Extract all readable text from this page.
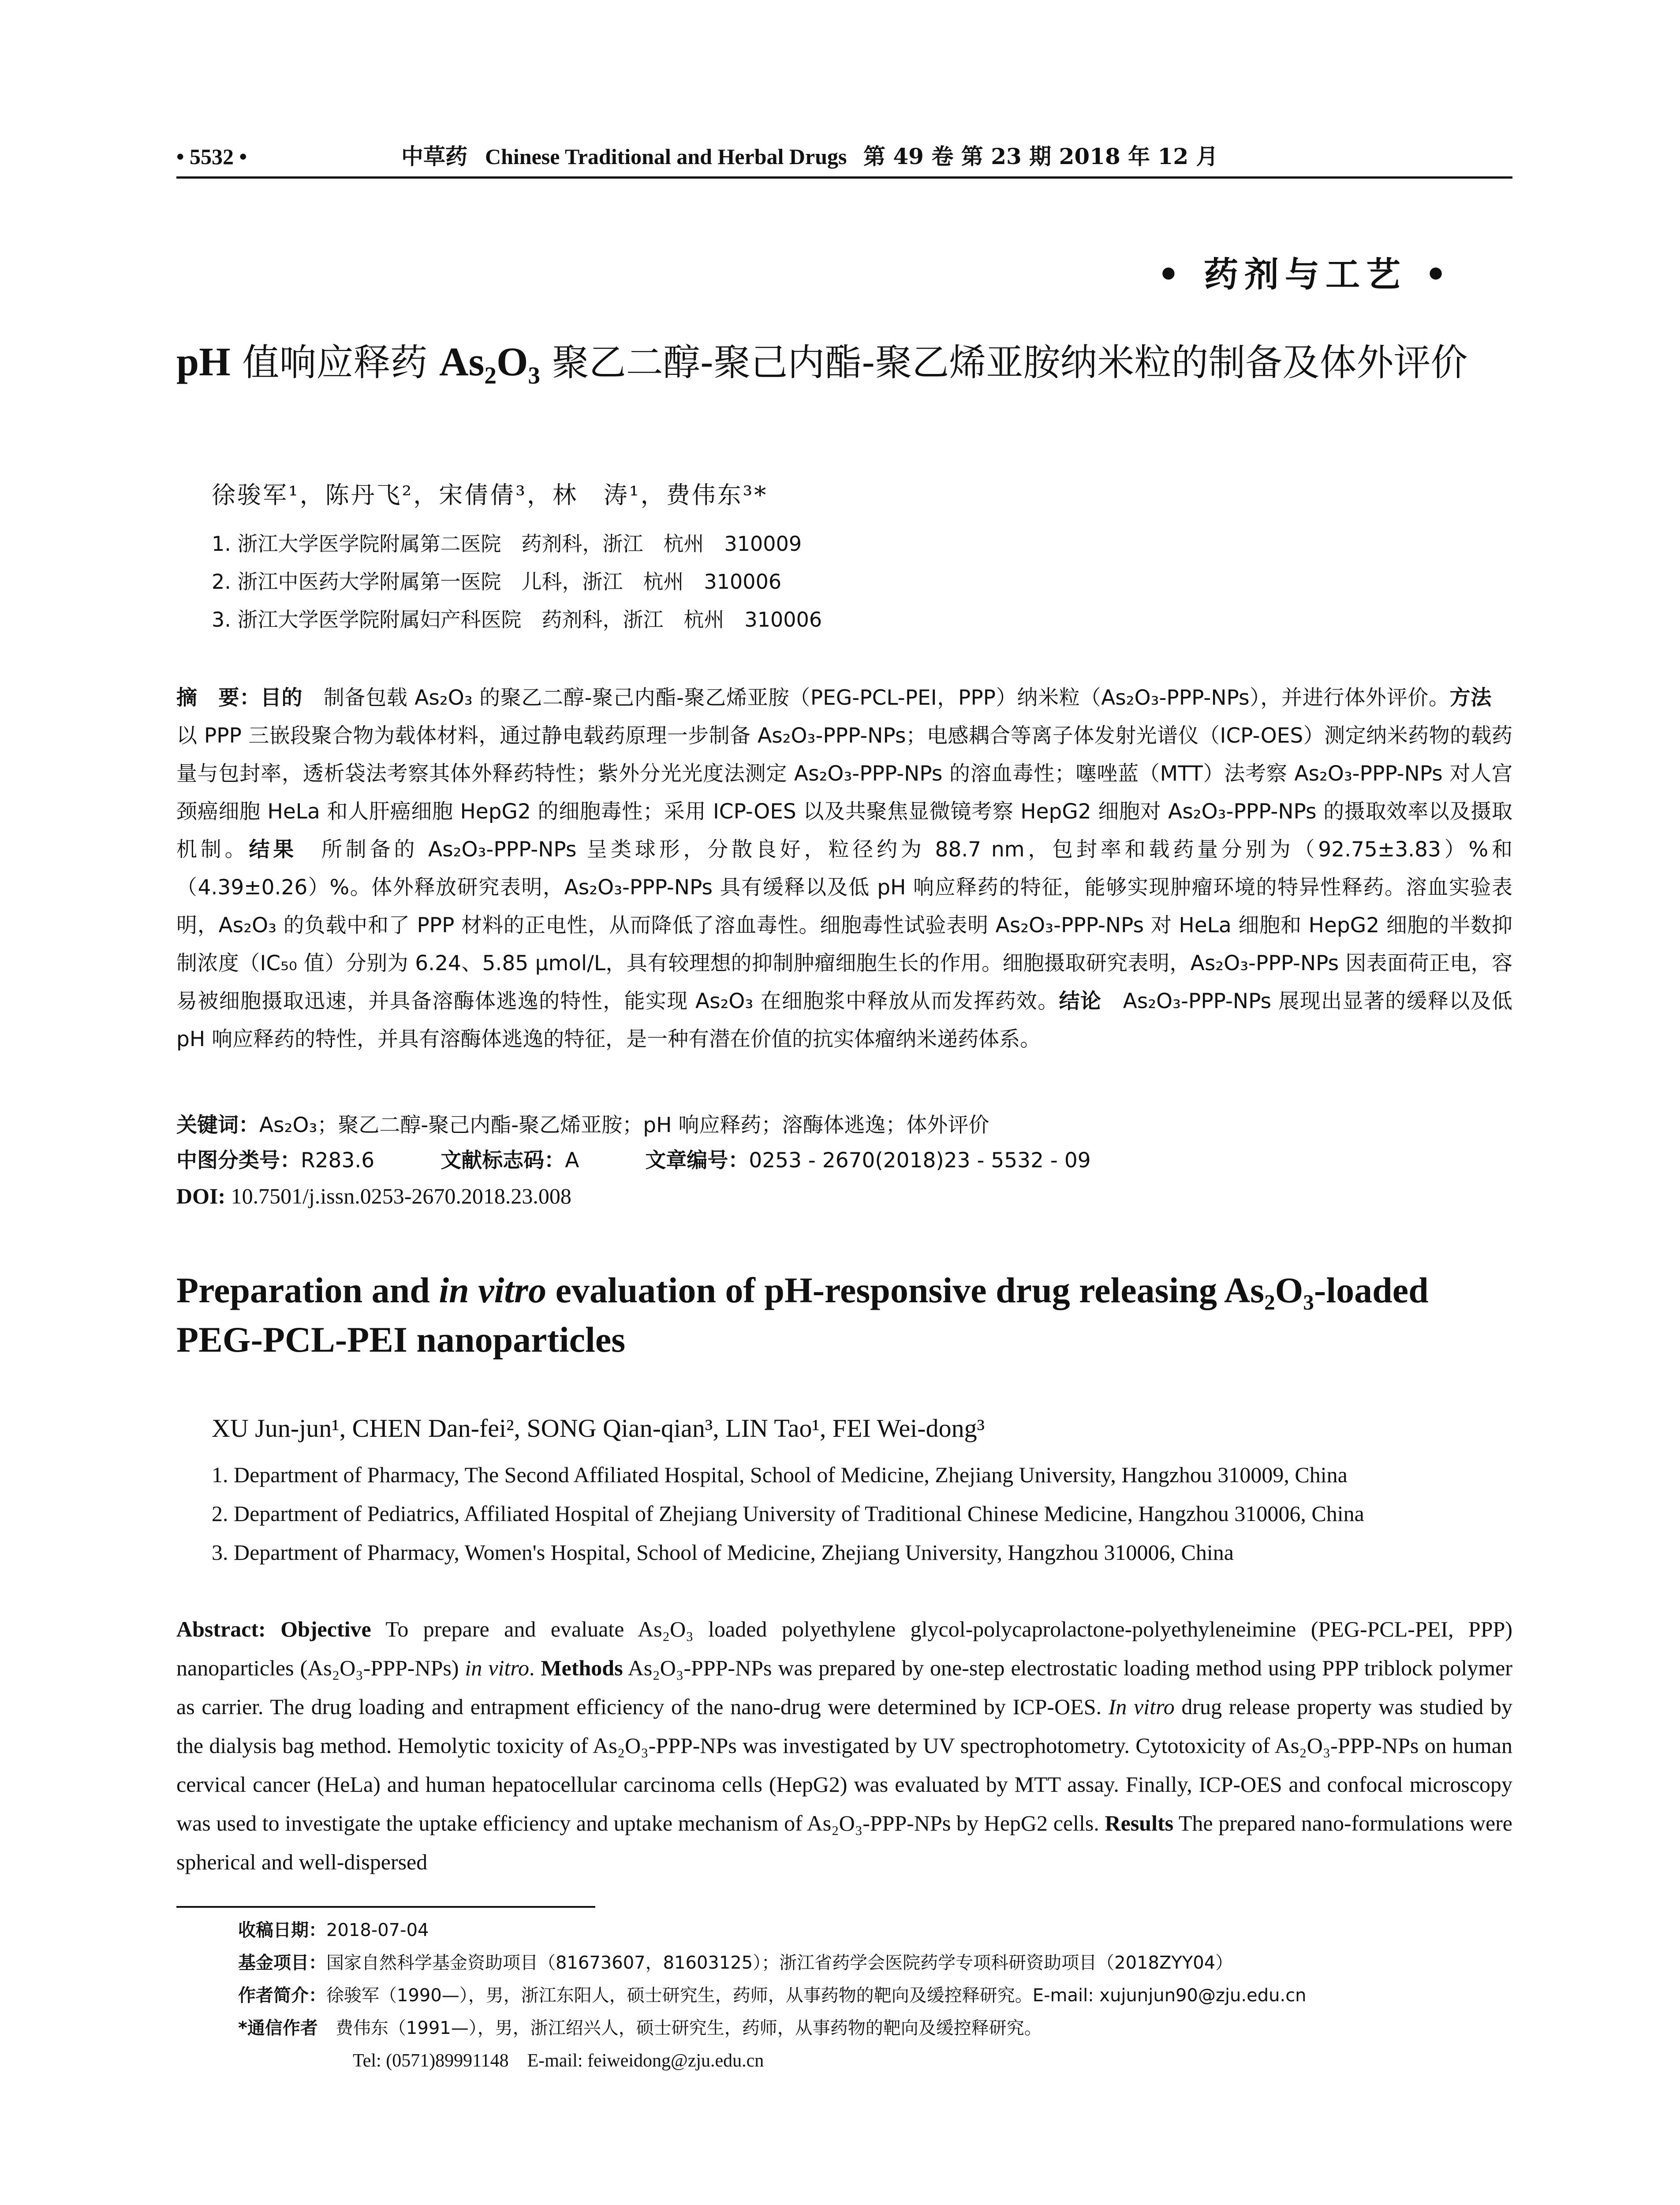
• 5532 •	中草药 Chinese Traditional and Herbal Drugs 第 49 卷 第 23 期 2018 年 12 月
• 药剂与工艺 •
pH 值响应释药 As₂O₃ 聚乙二醇-聚己内酯-聚乙烯亚胺纳米粒的制备及体外评价
徐骏军¹，陈丹飞²，宋倩倩³，林　涛¹，费伟东³*
1. 浙江大学医学院附属第二医院　药剂科，浙江　杭州　310009
2. 浙江中医药大学附属第一医院　儿科，浙江　杭州　310006
3. 浙江大学医学院附属妇产科医院　药剂科，浙江　杭州　310006
摘　要：目的　制备包载 As₂O₃ 的聚乙二醇-聚己内酯-聚乙烯亚胺（PEG-PCL-PEI，PPP）纳米粒（As₂O₃-PPP-NPs），并进行体外评价。方法　以 PPP 三嵌段聚合物为载体材料，通过静电载药原理一步制备 As₂O₃-PPP-NPs；电感耦合等离子体发射光谱仪（ICP-OES）测定纳米药物的载药量与包封率，透析袋法考察其体外释药特性；紫外分光光度法测定 As₂O₃-PPP-NPs 的溶血毒性；噻唑蓝（MTT）法考察 As₂O₃-PPP-NPs 对人宫颈癌细胞 HeLa 和人肝癌细胞 HepG2 的细胞毒性；采用 ICP-OES 以及共聚焦显微镜考察 HepG2 细胞对 As₂O₃-PPP-NPs 的摄取效率以及摄取机制。结果　所制备的 As₂O₃-PPP-NPs 呈类球形，分散良好，粒径约为 88.7 nm，包封率和载药量分别为（92.75±3.83）%和（4.39±0.26）%。体外释放研究表明，As₂O₃-PPP-NPs 具有缓释以及低 pH 响应释药的特征，能够实现肿瘤环境的特异性释药。溶血实验表明，As₂O₃ 的负载中和了 PPP 材料的正电性，从而降低了溶血毒性。细胞毒性试验表明 As₂O₃-PPP-NPs 对 HeLa 细胞和 HepG2 细胞的半数抑制浓度（IC₅₀ 值）分别为 6.24、5.85 μmol/L，具有较理想的抑制肿瘤细胞生长的作用。细胞摄取研究表明，As₂O₃-PPP-NPs 因表面荷正电，容易被细胞摄取迅速，并具备溶酶体逃逸的特性，能实现 As₂O₃ 在细胞浆中释放从而发挥药效。结论　As₂O₃-PPP-NPs 展现出显著的缓释以及低 pH 响应释药的特性，并具有溶酶体逃逸的特征，是一种有潜在价值的抗实体瘤纳米递药体系。
关键词：As₂O₃；聚乙二醇-聚己内酯-聚乙烯亚胺；pH 响应释药；溶酶体逃逸；体外评价
中图分类号：R283.6	文献标志码：A	文章编号：0253 - 2670(2018)23 - 5532 - 09
DOI: 10.7501/j.issn.0253-2670.2018.23.008
Preparation and in vitro evaluation of pH-responsive drug releasing As₂O₃-loaded PEG-PCL-PEI nanoparticles
XU Jun-jun¹, CHEN Dan-fei², SONG Qian-qian³, LIN Tao¹, FEI Wei-dong³
1. Department of Pharmacy, The Second Affiliated Hospital, School of Medicine, Zhejiang University, Hangzhou 310009, China
2. Department of Pediatrics, Affiliated Hospital of Zhejiang University of Traditional Chinese Medicine, Hangzhou 310006, China
3. Department of Pharmacy, Women's Hospital, School of Medicine, Zhejiang University, Hangzhou 310006, China
Abstract: Objective To prepare and evaluate As₂O₃ loaded polyethylene glycol-polycaprolactone-polyethyleneimine (PEG-PCL-PEI, PPP) nanoparticles (As₂O₃-PPP-NPs) in vitro. Methods As₂O₃-PPP-NPs was prepared by one-step electrostatic loading method using PPP triblock polymer as carrier. The drug loading and entrapment efficiency of the nano-drug were determined by ICP-OES. In vitro drug release property was studied by the dialysis bag method. Hemolytic toxicity of As₂O₃-PPP-NPs was investigated by UV spectrophotometry. Cytotoxicity of As₂O₃-PPP-NPs on human cervical cancer (HeLa) and human hepatocellular carcinoma cells (HepG2) was evaluated by MTT assay. Finally, ICP-OES and confocal microscopy was used to investigate the uptake efficiency and uptake mechanism of As₂O₃-PPP-NPs by HepG2 cells. Results The prepared nano-formulations were spherical and well-dispersed
收稿日期：2018-07-04
基金项目：国家自然科学基金资助项目（81673607，81603125）；浙江省药学会医院药学专项科研资助项目（2018ZYY04）
作者简介：徐骏军（1990—），男，浙江东阳人，硕士研究生，药师，从事药物的靶向及缓控释研究。E-mail: xujunjun90@zju.edu.cn
*通信作者　费伟东（1991—），男，浙江绍兴人，硕士研究生，药师，从事药物的靶向及缓控释研究。
Tel: (0571)89991148　E-mail: feiweidong@zju.edu.cn
